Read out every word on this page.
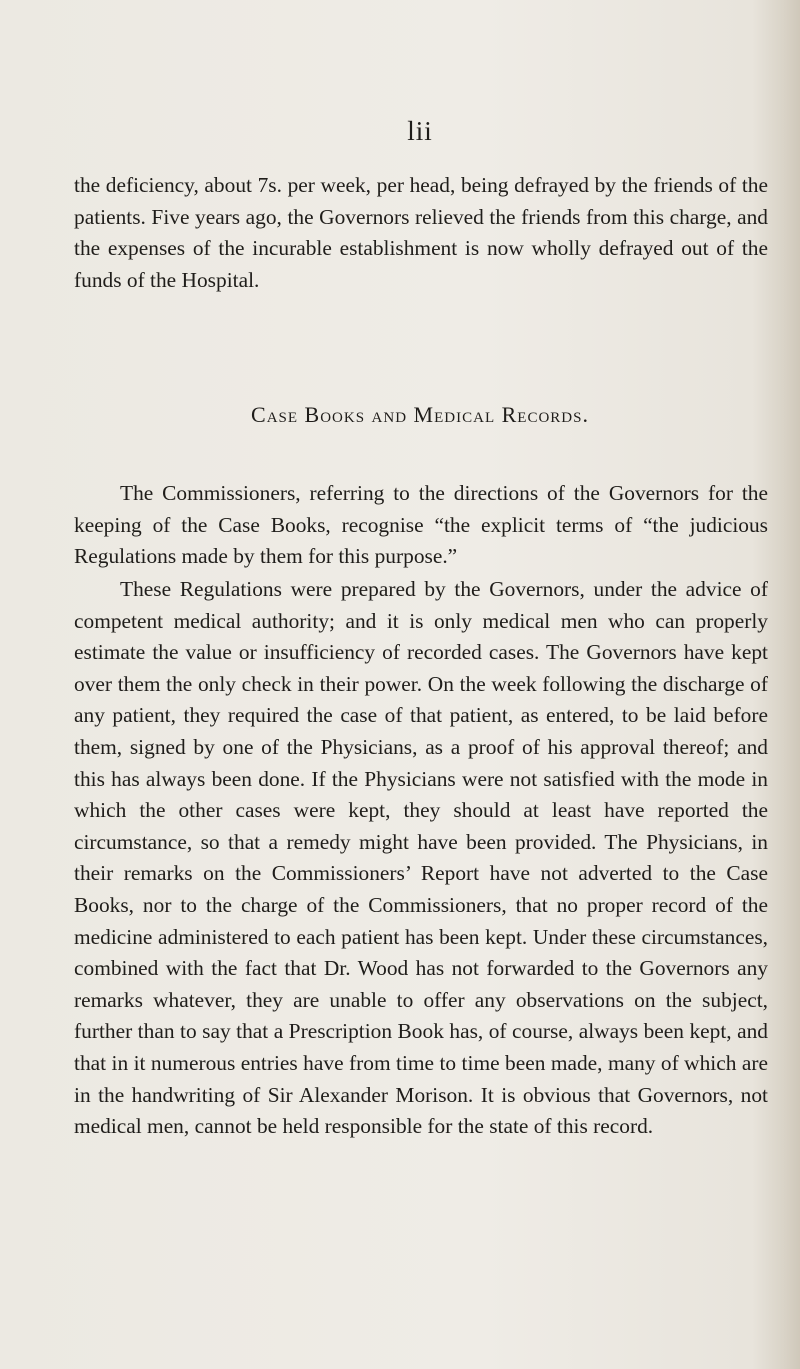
lii

the deficiency, about 7s. per week, per head, being defrayed by the friends of the patients. Five years ago, the Governors relieved the friends from this charge, and the expenses of the incurable establishment is now wholly defrayed out of the funds of the Hospital.

Case Books and Medical Records.

The Commissioners, referring to the directions of the Governors for the keeping of the Case Books, recognise “the explicit terms of “the judicious Regulations made by them for this purpose.”

These Regulations were prepared by the Governors, under the advice of competent medical authority; and it is only medical men who can properly estimate the value or insufficiency of recorded cases. The Governors have kept over them the only check in their power. On the week following the discharge of any patient, they required the case of that patient, as entered, to be laid before them, signed by one of the Physicians, as a proof of his approval thereof; and this has always been done. If the Physicians were not satisfied with the mode in which the other cases were kept, they should at least have reported the circumstance, so that a remedy might have been provided. The Physicians, in their remarks on the Commissioners’ Report have not adverted to the Case Books, nor to the charge of the Commissioners, that no proper record of the medicine administered to each patient has been kept. Under these circumstances, combined with the fact that Dr. Wood has not forwarded to the Governors any remarks whatever, they are unable to offer any observations on the subject, further than to say that a Prescription Book has, of course, always been kept, and that in it numerous entries have from time to time been made, many of which are in the handwriting of Sir Alexander Morison. It is obvious that Governors, not medical men, cannot be held responsible for the state of this record.
